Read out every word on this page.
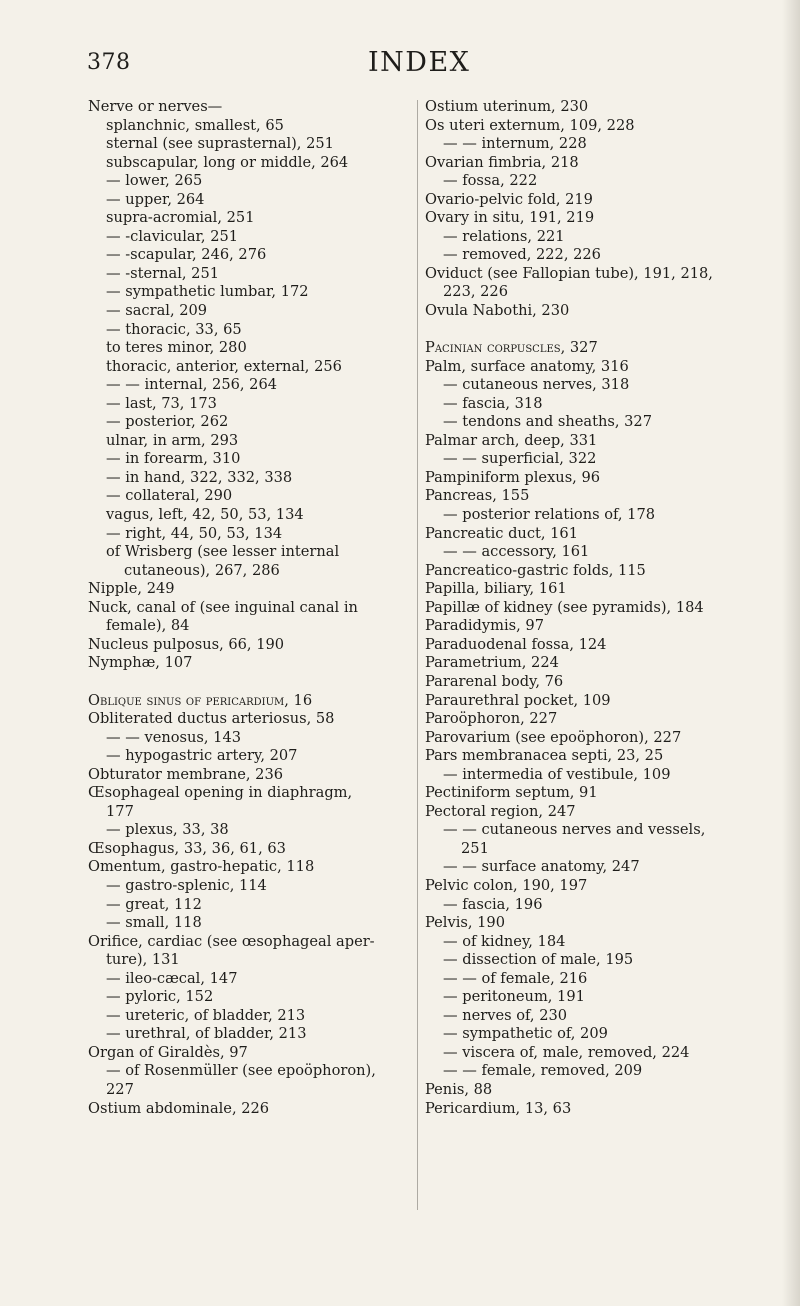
378	INDEX
Nerve or nerves—
splanchnic, smallest, 65
sternal (see suprasternal), 251
subscapular, long or middle, 264
— lower, 265
— upper, 264
supra-acromial, 251
— -clavicular, 251
— -scapular, 246, 276
— -sternal, 251
— sympathetic lumbar, 172
— sacral, 209
— thoracic, 33, 65
to teres minor, 280
thoracic, anterior, external, 256
— — internal, 256, 264
— last, 73, 173
— posterior, 262
ulnar, in arm, 293
— in forearm, 310
— in hand, 322, 332, 338
— collateral, 290
vagus, left, 42, 50, 53, 134
— right, 44, 50, 53, 134
of Wrisberg (see lesser internal
cutaneous), 267, 286
Nipple, 249
Nuck, canal of (see inguinal canal in
female), 84
Nucleus pulposus, 66, 190
Nymphæ, 107
Oblique sinus of pericardium, 16
Obliterated ductus arteriosus, 58
— — venosus, 143
— hypogastric artery, 207
Obturator membrane, 236
Œsophageal opening in diaphragm,
177
— plexus, 33, 38
Œsophagus, 33, 36, 61, 63
Omentum, gastro-hepatic, 118
— gastro-splenic, 114
— great, 112
— small, 118
Orifice, cardiac (see œsophageal aper-
ture), 131
— ileo-cæcal, 147
— pyloric, 152
— ureteric, of bladder, 213
— urethral, of bladder, 213
Organ of Giraldès, 97
— of Rosenmüller (see epoöphoron),
227
Ostium abdominale, 226
Ostium uterinum, 230
Os uteri externum, 109, 228
— — internum, 228
Ovarian fimbria, 218
— fossa, 222
Ovario-pelvic fold, 219
Ovary in situ, 191, 219
— relations, 221
— removed, 222, 226
Oviduct (see Fallopian tube), 191, 218,
223, 226
Ovula Nabothi, 230
Pacinian corpuscles, 327
Palm, surface anatomy, 316
— cutaneous nerves, 318
— fascia, 318
— tendons and sheaths, 327
Palmar arch, deep, 331
— — superficial, 322
Pampiniform plexus, 96
Pancreas, 155
— posterior relations of, 178
Pancreatic duct, 161
— — accessory, 161
Pancreatico-gastric folds, 115
Papilla, biliary, 161
Papillæ of kidney (see pyramids), 184
Paradidymis, 97
Paraduodenal fossa, 124
Parametrium, 224
Pararenal body, 76
Paraurethral pocket, 109
Paroöphoron, 227
Parovarium (see epoöphoron), 227
Pars membranacea septi, 23, 25
— intermedia of vestibule, 109
Pectiniform septum, 91
Pectoral region, 247
— — cutaneous nerves and vessels,
251
— — surface anatomy, 247
Pelvic colon, 190, 197
— fascia, 196
Pelvis, 190
— of kidney, 184
— dissection of male, 195
— — of female, 216
— peritoneum, 191
— nerves of, 230
— sympathetic of, 209
— viscera of, male, removed, 224
— — female, removed, 209
Penis, 88
Pericardium, 13, 63
